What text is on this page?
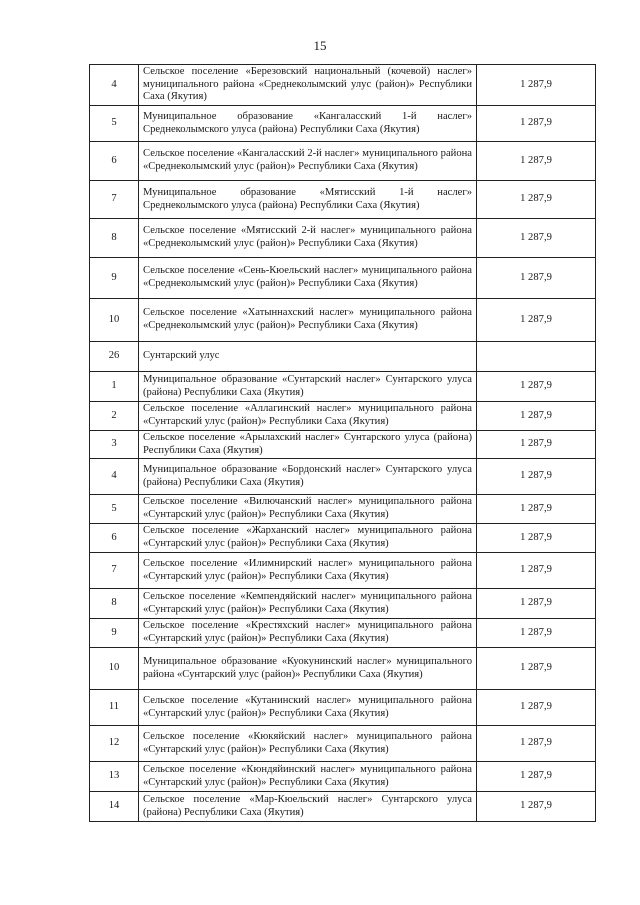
15
4	Сельское поселение «Березовский национальный (кочевой) наслег» муниципального района «Среднеколымский улус (район)» Республики Саха (Якутия)	1 287,9
5	Муниципальное образование «Кангаласский 1-й наслег» Среднеколымского улуса (района) Республики Саха (Якутия)	1 287,9
6	Сельское поселение «Кангаласский 2-й наслег» муниципального района «Среднеколымский улус (район)» Республики Саха (Якутия)	1 287,9
7	Муниципальное образование «Мятисский 1-й наслег» Среднеколымского улуса (района) Республики Саха (Якутия)	1 287,9
8	Сельское поселение «Мятисский 2-й наслег» муниципального района «Среднеколымский улус (район)» Республики Саха (Якутия)	1 287,9
9	Сельское поселение «Сень-Кюельский наслег» муниципального района «Среднеколымский улус (район)» Республики Саха (Якутия)	1 287,9
10	Сельское поселение «Хатыннахский наслег» муниципального района «Среднеколымский улус (район)» Республики Саха (Якутия)	1 287,9
26	Сунтарский улус	
1	Муниципальное образование «Сунтарский наслег» Сунтарского улуса (района) Республики Саха (Якутия)	1 287,9
2	Сельское поселение «Аллагинский наслег» муниципального района «Сунтарский улус (район)» Республики Саха (Якутия)	1 287,9
3	Сельское поселение «Арылахский наслег» Сунтарского улуса (района) Республики Саха (Якутия)	1 287,9
4	Муниципальное образование «Бордонский наслег» Сунтарского улуса (района) Республики Саха (Якутия)	1 287,9
5	Сельское поселение «Вилючанский наслег» муниципального района «Сунтарский улус (район)» Республики Саха (Якутия)	1 287,9
6	Сельское поселение «Жарханский наслег» муниципального района «Сунтарский улус (район)» Республики Саха (Якутия)	1 287,9
7	Сельское поселение «Илимнирский наслег» муниципального района «Сунтарский улус (район)» Республики Саха (Якутия)	1 287,9
8	Сельское поселение «Кемпендяйский наслег» муниципального района «Сунтарский улус (район)» Республики Саха (Якутия)	1 287,9
9	Сельское поселение «Крестяхский наслег» муниципального района «Сунтарский улус (район)» Республики Саха (Якутия)	1 287,9
10	Муниципальное образование «Куокунинский наслег» муниципального района «Сунтарский улус (район)» Республики Саха (Якутия)	1 287,9
11	Сельское поселение «Кутанинский наслег» муниципального района «Сунтарский улус (район)» Республики Саха (Якутия)	1 287,9
12	Сельское поселение «Кюкяйский наслег» муниципального района «Сунтарский улус (район)» Республики Саха (Якутия)	1 287,9
13	Сельское поселение «Кюндяйинский наслег» муниципального района «Сунтарский улус (район)» Республики Саха (Якутия)	1 287,9
14	Сельское поселение «Мар-Кюельский наслег» Сунтарского улуса (района) Республики Саха (Якутия)	1 287,9
